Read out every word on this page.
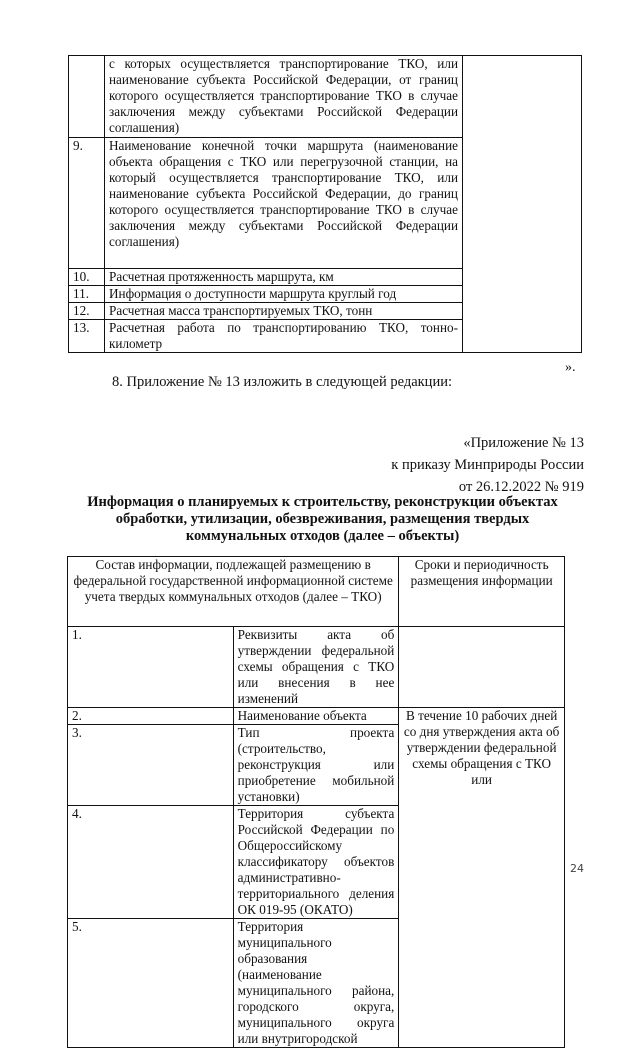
	с которых осуществляется транспортирование ТКО, или наименование субъекта Российской Федерации, от границ которого осуществляется транспортирование ТКО в случае заключения между субъектами Российской Федерации соглашения)	
9.	Наименование конечной точки маршрута (наименование объекта обращения с ТКО или перегрузочной станции, на который осуществляется транспортирование ТКО, или наименование субъекта Российской Федерации, до границ которого осуществляется транспортирование ТКО в случае заключения между субъектами Российской Федерации соглашения)	
10.	Расчетная протяженность маршрута, км	
11.	Информация о доступности маршрута круглый год	
12.	Расчетная масса транспортируемых ТКО, тонн	
13.	Расчетная работа по транспортированию ТКО, тонно-километр	
».
8. Приложение № 13 изложить в следующей редакции:
«Приложение № 13
к приказу Минприроды России
от 26.12.2022 № 919
Информация о планируемых к строительству, реконструкции объектах обработки, утилизации, обезвреживания, размещения твердых коммунальных отходов (далее – объекты)
Состав информации, подлежащей размещению в федеральной государственной информационной системе учета твердых коммунальных отходов (далее – ТКО)		Сроки и периодичность размещения информации
1.	Реквизиты акта об утверждении федеральной схемы обращения с ТКО или внесения в нее изменений	
2.	Наименование объекта	В течение 10 рабочих дней со дня утверждения акта об утверждении федеральной схемы обращения с ТКО или
3.	Тип проекта (строительство, реконструкция или приобретение мобильной установки)	
4.	Территория субъекта Российской Федерации по Общероссийскому классификатору объектов административно-территориального деления ОК 019-95 (ОКАТО)	
5.	Территория муниципального образования (наименование муниципального района, городского округа, муниципального округа или внутригородской	
24
